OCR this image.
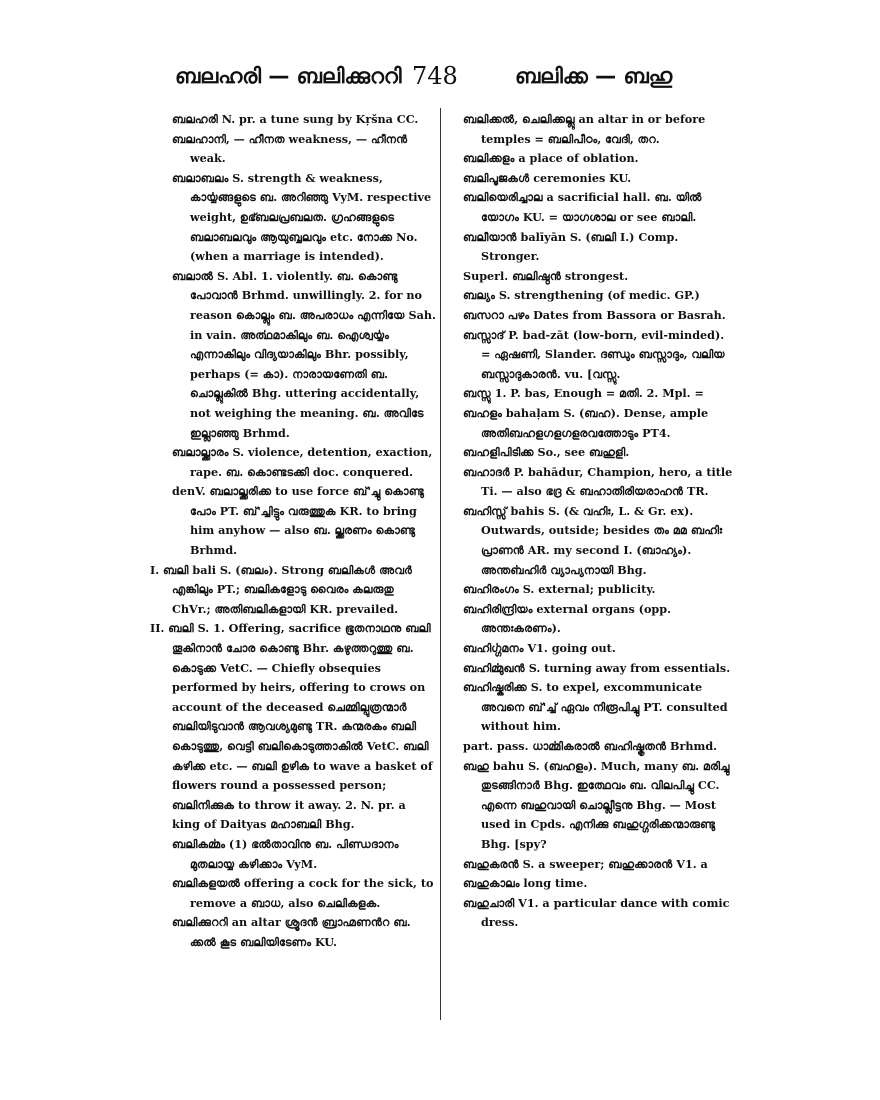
ബലഹരി — ബലിക്കുററി 748	ബലിക്ക — ബഹു

ബലഹരി N. pr. a tune sung by Kṛšna CC.

ബലഹാനി, — ഹീനത weakness, — ഹീനൻ weak.

ബലാബലം S. strength & weakness, കാൎയ്യങ്ങളുടെ ബ. അറിഞ്ഞു VyM. respective weight, ഉഭ്ബലപ്രബലത. ഗ്രഹങ്ങളുടെ ബലാബലവും ആയുബ്ബലവും etc. നോക്ക No. (when a marriage is intended).

ബലാൽ S. Abl. 1. violently. ബ. കൊണ്ടു പോവാൻ Brhmd. unwillingly. 2. for no reason കൊല്ലും ബ. അപരാധം എന്നിയേ Sah. in vain. അൎത്ഥമാകിലും ബ. ഐശ്വൎയ്യം എന്നാകിലും വിദ്യയാകിലും Bhr. possibly, perhaps (= കാ). നാരായണേതി ബ. ചൊല്ലുകിൽ Bhg. uttering accidentally, not weighing the meaning. ബ. അവിടേ ഇല്ലാഞ്ഞു Brhmd.

ബലാല്ക്കാരം S. violence, detention, exaction, rape. ബ. കൊണ്ടടക്കി doc. conquered.

denV. ബലാല്ക്കരിക്ക to use force ബ്'ച്ചു കൊണ്ടു പോം PT. ബ്'ച്ചിട്ടും വരുത്തുക KR. to bring him anyhow — also ബ. ല്ക്കരണം കൊണ്ടു Brhmd.

I. ബലി bali S. (ബലം). Strong ബലികൾ അവർ എങ്കിലും PT.; ബലികളോടു വൈരം കലരുതു ChVr.; അതിബലികളായി KR. prevailed.

II. ബലി S. 1. Offering, sacrifice ഭൂതനാഥനു ബലി തൂകിനാൻ ചോര കൊണ്ടു Bhr. കഴുത്തറുത്തു ബ. കൊടുക്ക VetC. — Chiefly obsequies performed by heirs, offering to crows on account of the deceased ചെമ്മില്പുത്രന്മാർ ബലിയിടുവാൻ ആവശ്യമുണ്ടു TR. കന്മരകം ബലി കൊടുത്തു, വെട്ടി ബലികൊടുത്താകിൽ VetC. ബലി കഴിക്ക etc. — ബലി ഉഴിക to wave a basket of flowers round a possessed person; ബലിനിക്കുക to throw it away. 2. N. pr. a king of Daityas മഹാബലി Bhg.

ബലികൎമ്മം (1) ഭൽതാവിനു ബ. പിണ്ഡദാനം മുതലായ്യ കഴിക്കാം VyM.

ബലികളയൽ offering a cock for the sick, to remove a ബാധ, also ചെലികളക.

ബലിക്കുററി an altar ശ്രൂദൻ ബ്രാഹ്മണൻറ ബ. ക്കൽ കൂട ബലിയിടേണം KU.

ബലിക്കൽ, ചെലിക്കല്ലു an altar in or before temples = ബലിപീഠം, വേദി, തറ.

ബലിക്കളം a place of oblation.

ബലിപൂജകൾ ceremonies KU.

ബലിയെരിച്ചാല a sacrificial hall. ബ. യിൽ യോഗം KU. = യാഗശാല or see ബാലി.

ബലീയാൻ balīyān S. (ബലി I.) Comp. Stronger.

Superl. ബലിഷ്ഠൻ strongest.

ബല്യം S. strengthening (of medic. GP.)

ബസറാ പഴം Dates from Bassora or Basrah.

ബസ്സാദ് P. bad-zāt (low-born, evil-minded). = ഏഷണി, Slander. ദണ്ഡും ബസ്സാദും, വലിയ ബസ്സാദുകാരൻ. vu. [വസ്സു.

ബസ്സു 1. P. bas, Enough = മതി. 2. Mpl. =

ബഹളം bahaḷam S. (ബഹ). Dense, ample അതിബഹളഗളഗളരവത്തോടും PT4.

ബഹളിപിടിക്ക So., see ബഹുളി.

ബഹാദർ P. bahādur, Champion, hero, a title Ti. — also ഭദ്ര & ബഹാതിരിയരാഹൻ TR.

ബഹിസ്സ് bahis S. (& വഹിഃ, L. & Gr. ex). Outwards, outside; besides തം മമ ബഹിഃ പ്രാണൻ AR. my second I. (ബാഹ്യം). അന്തൎബഹിർ വ്യാപ്യനായി Bhg.

ബഹിരംഗം S. external; publicity.

ബഹിരിന്ദ്രിയം external organs (opp. അന്തഃകരണം).

ബഹിൎഗ്ഗമനം V1. going out.

ബഹിൎമ്മുഖൻ S. turning away from essentials.

ബഹിഷ്കരിക്ക S. to expel, excommunicate അവനെ ബ്'ച്ച് ഏവം നിരൂപിച്ചു PT. consulted without him.

part. pass. ധാൎമ്മികരാൽ ബഹിഷ്കൃതൻ Brhmd.

ബഹു bahu S. (ബഹളം). Much, many ബ. മരിച്ചു തുടങ്ങിനാർ Bhg. ഇത്ഥേവം ബ. വിലപിച്ചു CC. എന്നെ ബഹുവായി ചൊല്ലീട്ടനു Bhg. — Most used in Cpds. എനിക്കു ബഹുഗ്ഗരിക്കന്മാരുണ്ടു Bhg. [spy?

ബഹുകരൻ S. a sweeper; ബഹുക്കാരൻ V1. a

ബഹുകാലം long time.

ബഹുചാരി V1. a particular dance with comic dress.
